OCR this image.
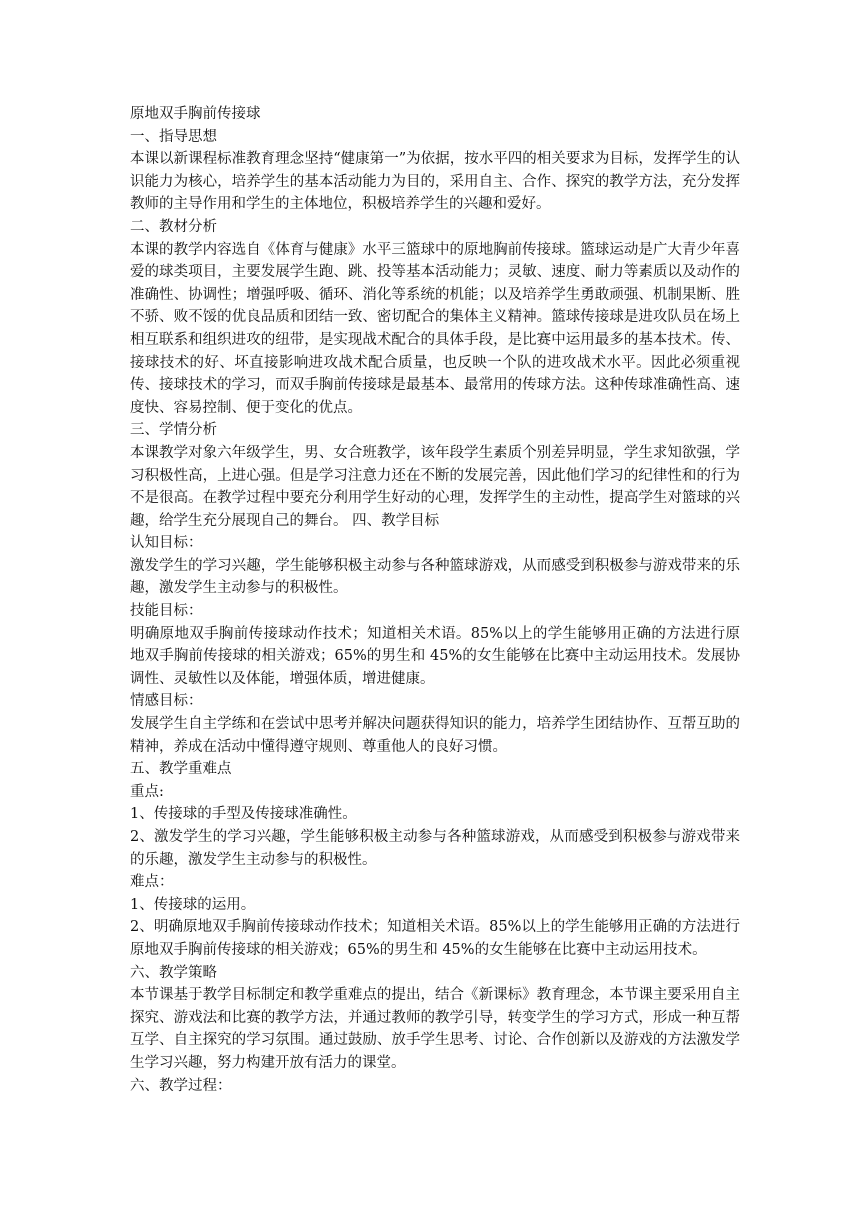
原地双手胸前传接球
一、指导思想
本课以新课程标准教育理念坚持“健康第一”为依据，按水平四的相关要求为目标，发挥学生的认识能力为核心，培养学生的基本活动能力为目的，采用自主、合作、探究的教学方法，充分发挥教师的主导作用和学生的主体地位，积极培养学生的兴趣和爱好。
二、教材分析
本课的教学内容选自《体育与健康》水平三篮球中的原地胸前传接球。篮球运动是广大青少年喜爱的球类项目，主要发展学生跑、跳、投等基本活动能力；灵敏、速度、耐力等素质以及动作的准确性、协调性；增强呼吸、循环、消化等系统的机能；以及培养学生勇敢顽强、机制果断、胜不骄、败不馁的优良品质和团结一致、密切配合的集体主义精神。篮球传接球是进攻队员在场上相互联系和组织进攻的纽带，是实现战术配合的具体手段，是比赛中运用最多的基本技术。传、接球技术的好、坏直接影响进攻战术配合质量，也反映一个队的进攻战术水平。因此必须重视传、接球技术的学习，而双手胸前传接球是最基本、最常用的传球方法。这种传球准确性高、速度快、容易控制、便于变化的优点。
三、学情分析
本课教学对象六年级学生，男、女合班教学，该年段学生素质个别差异明显，学生求知欲强，学习积极性高，上进心强。但是学习注意力还在不断的发展完善，因此他们学习的纪律性和的行为不是很高。在教学过程中要充分利用学生好动的心理，发挥学生的主动性，提高学生对篮球的兴趣，给学生充分展现自己的舞台。 四、教学目标
认知目标：
激发学生的学习兴趣，学生能够积极主动参与各种篮球游戏，从而感受到积极参与游戏带来的乐趣，激发学生主动参与的积极性。
技能目标：
明确原地双手胸前传接球动作技术；知道相关术语。85%以上的学生能够用正确的方法进行原地双手胸前传接球的相关游戏；65%的男生和 45%的女生能够在比赛中主动运用技术。发展协调性、灵敏性以及体能，增强体质，增进健康。
情感目标：
发展学生自主学练和在尝试中思考并解决问题获得知识的能力，培养学生团结协作、互帮互助的精神，养成在活动中懂得遵守规则、尊重他人的良好习惯。
五、教学重难点
重点:
1、传接球的手型及传接球准确性。
2、激发学生的学习兴趣，学生能够积极主动参与各种篮球游戏，从而感受到积极参与游戏带来的乐趣，激发学生主动参与的积极性。
难点：
1、传接球的运用。
2、明确原地双手胸前传接球动作技术；知道相关术语。85%以上的学生能够用正确的方法进行原地双手胸前传接球的相关游戏；65%的男生和 45%的女生能够在比赛中主动运用技术。
六、教学策略
本节课基于教学目标制定和教学重难点的提出，结合《新课标》教育理念，本节课主要采用自主探究、游戏法和比赛的教学方法，并通过教师的教学引导，转变学生的学习方式，形成一种互帮互学、自主探究的学习氛围。通过鼓励、放手学生思考、讨论、合作创新以及游戏的方法激发学生学习兴趣，努力构建开放有活力的课堂。
六、教学过程：
